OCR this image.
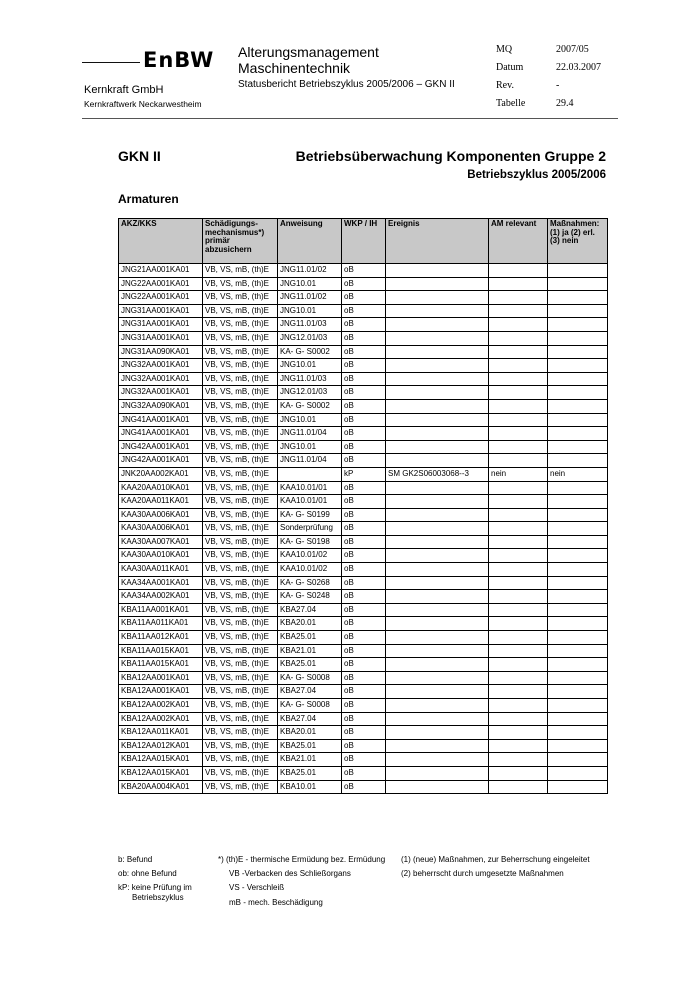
EnBW
Kernkraft GmbH
Kernkraftwerk Neckarwestheim
Alterungsmanagement
Maschinentechnik
Statusbericht Betriebszyklus 2005/2006 – GKN II
MQ	2007/05
Datum	22.03.2007
Rev.	-
Tabelle	29.4
GKN II	Betriebsüberwachung Komponenten Gruppe 2
Betriebszyklus 2005/2006
Armaturen
AKZ/KKS	Schädigungs-mechanismus*) primär abzusichern	Anweisung	WKP / IH	Ereignis	AM relevant	Maßnahmen: (1) ja (2) erl. (3) nein
JNG21AA001KA01	VB, VS, mB, (th)E	JNG11.01/02	oB			
JNG22AA001KA01	VB, VS, mB, (th)E	JNG10.01	oB			
JNG22AA001KA01	VB, VS, mB, (th)E	JNG11.01/02	oB			
JNG31AA001KA01	VB, VS, mB, (th)E	JNG10.01	oB			
JNG31AA001KA01	VB, VS, mB, (th)E	JNG11.01/03	oB			
JNG31AA001KA01	VB, VS, mB, (th)E	JNG12.01/03	oB			
JNG31AA090KA01	VB, VS, mB, (th)E	KA- G- S0002	oB			
JNG32AA001KA01	VB, VS, mB, (th)E	JNG10.01	oB			
JNG32AA001KA01	VB, VS, mB, (th)E	JNG11.01/03	oB			
JNG32AA001KA01	VB, VS, mB, (th)E	JNG12.01/03	oB			
JNG32AA090KA01	VB, VS, mB, (th)E	KA- G- S0002	oB			
JNG41AA001KA01	VB, VS, mB, (th)E	JNG10.01	oB			
JNG41AA001KA01	VB, VS, mB, (th)E	JNG11.01/04	oB			
JNG42AA001KA01	VB, VS, mB, (th)E	JNG10.01	oB			
JNG42AA001KA01	VB, VS, mB, (th)E	JNG11.01/04	oB			
JNK20AA002KA01	VB, VS, mB, (th)E		kP	SM GK2S06003068--3	nein	nein
KAA20AA010KA01	VB, VS, mB, (th)E	KAA10.01/01	oB			
KAA20AA011KA01	VB, VS, mB, (th)E	KAA10.01/01	oB			
KAA30AA006KA01	VB, VS, mB, (th)E	KA- G- S0199	oB			
KAA30AA006KA01	VB, VS, mB, (th)E	Sonderprüfung	oB			
KAA30AA007KA01	VB, VS, mB, (th)E	KA- G- S0198	oB			
KAA30AA010KA01	VB, VS, mB, (th)E	KAA10.01/02	oB			
KAA30AA011KA01	VB, VS, mB, (th)E	KAA10.01/02	oB			
KAA34AA001KA01	VB, VS, mB, (th)E	KA- G- S0268	oB			
KAA34AA002KA01	VB, VS, mB, (th)E	KA- G- S0248	oB			
KBA11AA001KA01	VB, VS, mB, (th)E	KBA27.04	oB			
KBA11AA011KA01	VB, VS, mB, (th)E	KBA20.01	oB			
KBA11AA012KA01	VB, VS, mB, (th)E	KBA25.01	oB			
KBA11AA015KA01	VB, VS, mB, (th)E	KBA21.01	oB			
KBA11AA015KA01	VB, VS, mB, (th)E	KBA25.01	oB			
KBA12AA001KA01	VB, VS, mB, (th)E	KA- G- S0008	oB			
KBA12AA001KA01	VB, VS, mB, (th)E	KBA27.04	oB			
KBA12AA002KA01	VB, VS, mB, (th)E	KA- G- S0008	oB			
KBA12AA002KA01	VB, VS, mB, (th)E	KBA27.04	oB			
KBA12AA011KA01	VB, VS, mB, (th)E	KBA20.01	oB			
KBA12AA012KA01	VB, VS, mB, (th)E	KBA25.01	oB			
KBA12AA015KA01	VB, VS, mB, (th)E	KBA21.01	oB			
KBA12AA015KA01	VB, VS, mB, (th)E	KBA25.01	oB			
KBA20AA004KA01	VB, VS, mB, (th)E	KBA10.01	oB			
b: Befund
ob: ohne Befund
kP: keine Prüfung im
Betriebszyklus
*) (th)E - thermische Ermüdung bez. Ermüdung
VB -Verbacken des Schließorgans
VS - Verschleiß
mB - mech. Beschädigung
(1) (neue) Maßnahmen, zur Beherrschung eingeleitet
(2) beherrscht durch umgesetzte Maßnahmen
